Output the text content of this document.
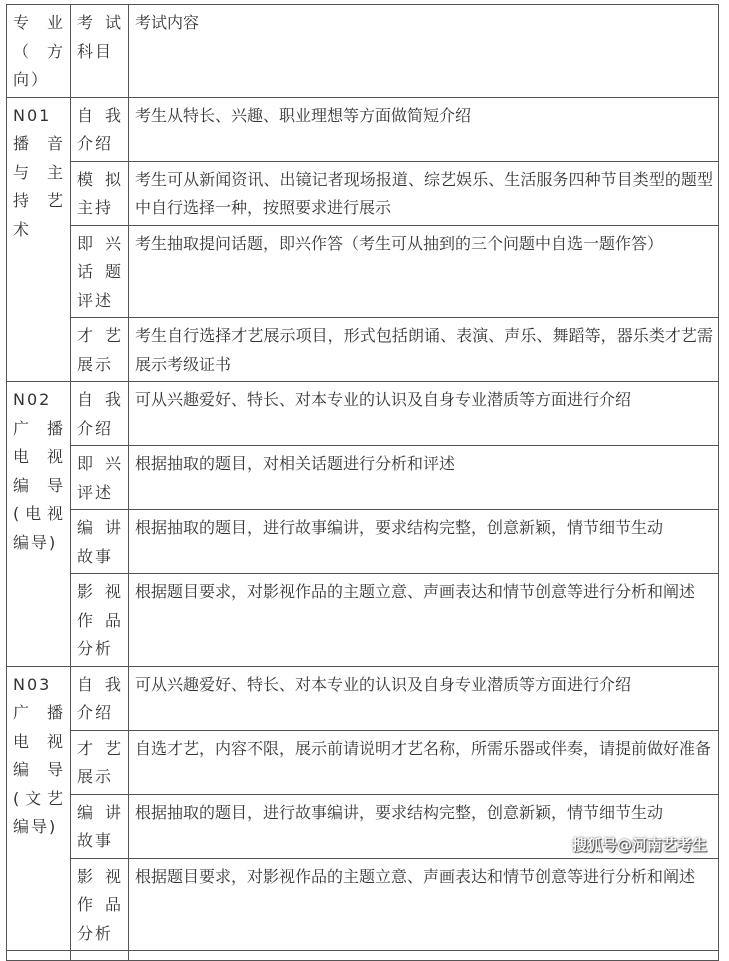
专业（方向）	考试科目	考试内容
N01播音与主持艺术	自我介绍	考生从特长、兴趣、职业理想等方面做简短介绍
	模拟主持	考生可从新闻资讯、出镜记者现场报道、综艺娱乐、生活服务四种节目类型的题型中自行选择一种，按照要求进行展示
	即兴话题评述	考生抽取提问话题，即兴作答（考生可从抽到的三个问题中自选一题作答）
	才艺展示	考生自行选择才艺展示项目，形式包括朗诵、表演、声乐、舞蹈等，器乐类才艺需展示考级证书
N02广播电视编导(电视编导)	自我介绍	可从兴趣爱好、特长、对本专业的认识及自身专业潜质等方面进行介绍
	即兴评述	根据抽取的题目，对相关话题进行分析和评述
	编讲故事	根据抽取的题目，进行故事编讲，要求结构完整，创意新颖，情节细节生动
	影视作品分析	根据题目要求，对影视作品的主题立意、声画表达和情节创意等进行分析和阐述
N03广播电视编导(文艺编导)	自我介绍	可从兴趣爱好、特长、对本专业的认识及自身专业潜质等方面进行介绍
	才艺展示	自选才艺，内容不限，展示前请说明才艺名称，所需乐器或伴奏，请提前做好准备
	编讲故事	根据抽取的题目，进行故事编讲，要求结构完整，创意新颖，情节细节生动
	影视作品分析	根据题目要求，对影视作品的主题立意、声画表达和情节创意等进行分析和阐述

搜狐号@河南艺考生
